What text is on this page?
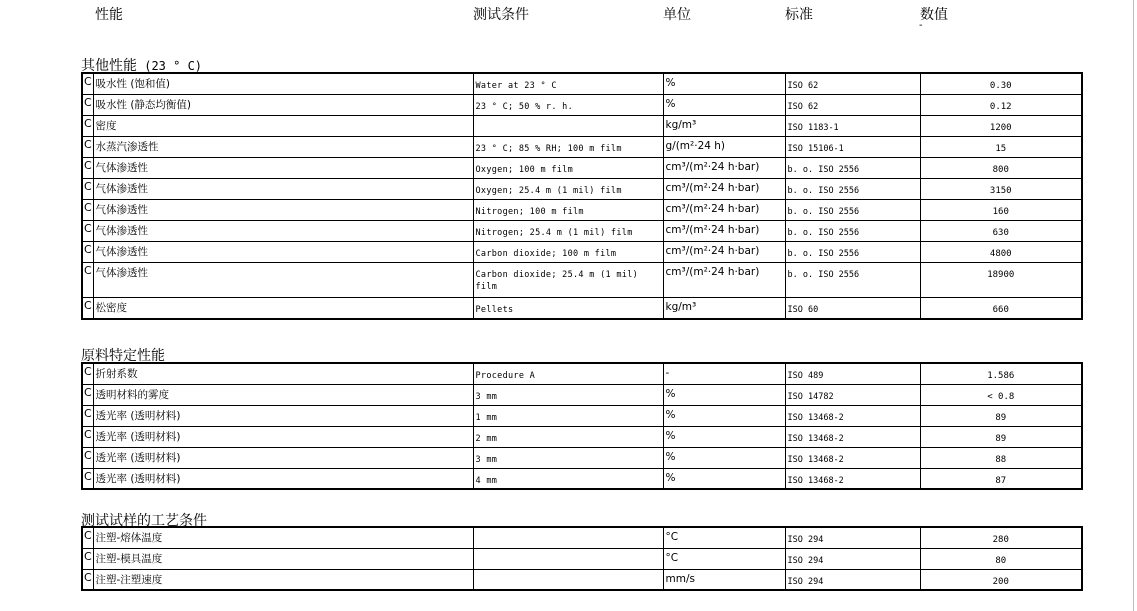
性能	测试条件	单位	标准	数值
-
其他性能 (23 ° C)
C	吸水性 (饱和值)	Water at 23 ° C	%	ISO 62	0.30
C	吸水性 (静态均衡值)	23 ° C; 50 % r. h.	%	ISO 62	0.12
C	密度		kg/m³	ISO 1183-1	1200
C	水蒸汽渗透性	23 ° C; 85 % RH; 100 m film	g/(m²·24 h)	ISO 15106-1	15
C	气体渗透性	Oxygen; 100 m film	cm³/(m²·24 h·bar)	b. o. ISO 2556	800
C	气体渗透性	Oxygen; 25.4 m (1 mil) film	cm³/(m²·24 h·bar)	b. o. ISO 2556	3150
C	气体渗透性	Nitrogen; 100 m film	cm³/(m²·24 h·bar)	b. o. ISO 2556	160
C	气体渗透性	Nitrogen; 25.4 m (1 mil) film	cm³/(m²·24 h·bar)	b. o. ISO 2556	630
C	气体渗透性	Carbon dioxide; 100 m film	cm³/(m²·24 h·bar)	b. o. ISO 2556	4800
C	气体渗透性	Carbon dioxide; 25.4 m (1 mil) film	cm³/(m²·24 h·bar)	b. o. ISO 2556	18900
C	松密度	Pellets	kg/m³	ISO 60	660
原料特定性能
C	折射系数	Procedure A	-	ISO 489	1.586
C	透明材料的雾度	3 mm	%	ISO 14782	< 0.8
C	透光率 (透明材料)	1 mm	%	ISO 13468-2	89
C	透光率 (透明材料)	2 mm	%	ISO 13468-2	89
C	透光率 (透明材料)	3 mm	%	ISO 13468-2	88
C	透光率 (透明材料)	4 mm	%	ISO 13468-2	87
测试试样的工艺条件
C	注塑-熔体温度		°C	ISO 294	280
C	注塑-模具温度		°C	ISO 294	80
C	注塑-注塑速度		mm/s	ISO 294	200
